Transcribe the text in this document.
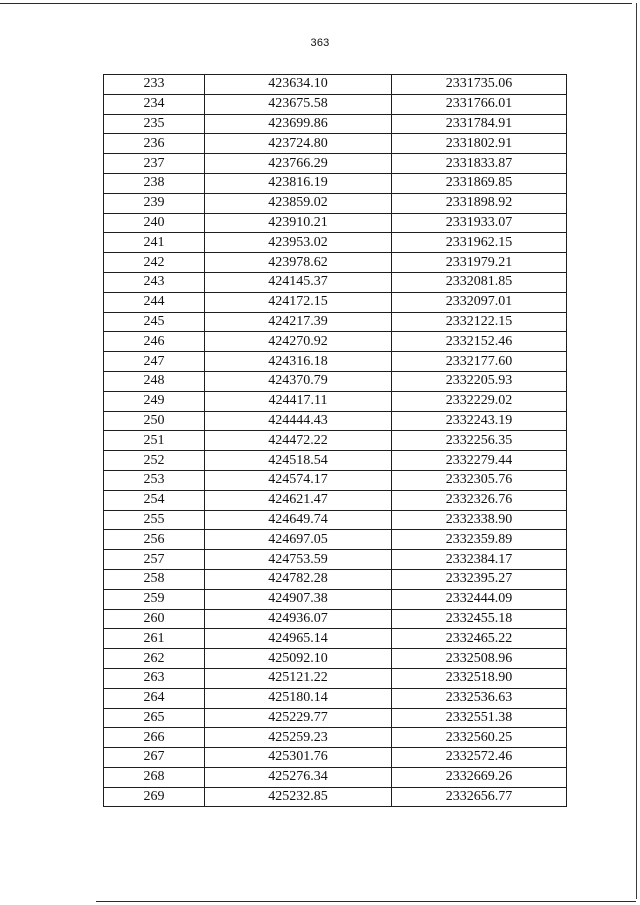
363
233	423634.10	2331735.06
234	423675.58	2331766.01
235	423699.86	2331784.91
236	423724.80	2331802.91
237	423766.29	2331833.87
238	423816.19	2331869.85
239	423859.02	2331898.92
240	423910.21	2331933.07
241	423953.02	2331962.15
242	423978.62	2331979.21
243	424145.37	2332081.85
244	424172.15	2332097.01
245	424217.39	2332122.15
246	424270.92	2332152.46
247	424316.18	2332177.60
248	424370.79	2332205.93
249	424417.11	2332229.02
250	424444.43	2332243.19
251	424472.22	2332256.35
252	424518.54	2332279.44
253	424574.17	2332305.76
254	424621.47	2332326.76
255	424649.74	2332338.90
256	424697.05	2332359.89
257	424753.59	2332384.17
258	424782.28	2332395.27
259	424907.38	2332444.09
260	424936.07	2332455.18
261	424965.14	2332465.22
262	425092.10	2332508.96
263	425121.22	2332518.90
264	425180.14	2332536.63
265	425229.77	2332551.38
266	425259.23	2332560.25
267	425301.76	2332572.46
268	425276.34	2332669.26
269	425232.85	2332656.77
